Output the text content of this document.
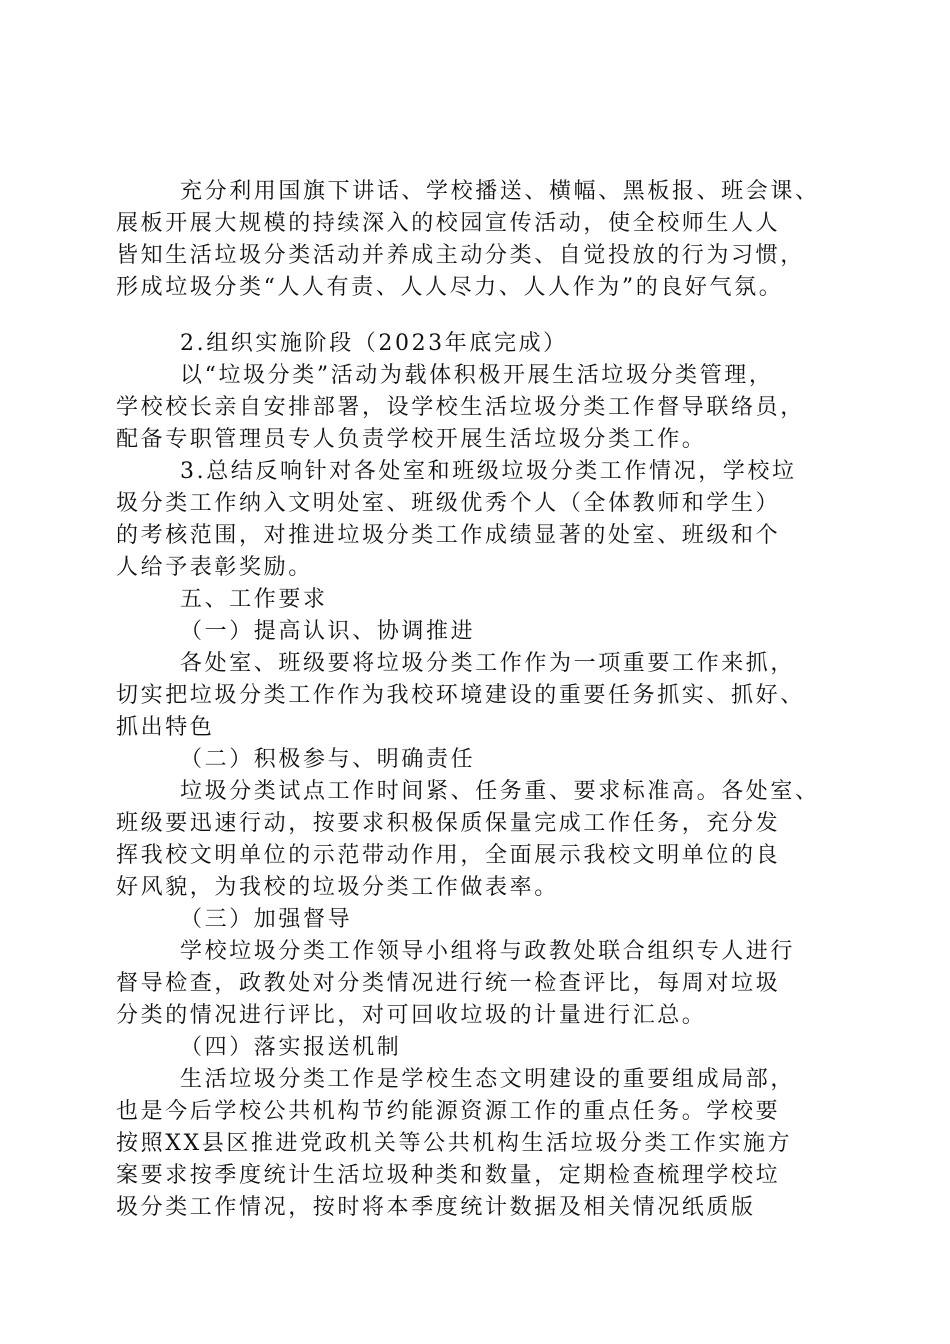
充分利用国旗下讲话、学校播送、横幅、黑板报、班会课、
展板开展大规模的持续深入的校园宣传活动，使全校师生人人
皆知生活垃圾分类活动并养成主动分类、自觉投放的行为习惯，
形成垃圾分类“人人有责、人人尽力、人人作为”的良好气氛。
2.组织实施阶段（2023年底完成）
以“垃圾分类”活动为载体积极开展生活垃圾分类管理，
学校校长亲自安排部署，设学校生活垃圾分类工作督导联络员，
配备专职管理员专人负责学校开展生活垃圾分类工作。
3.总结反响针对各处室和班级垃圾分类工作情况，学校垃
圾分类工作纳入文明处室、班级优秀个人（全体教师和学生）
的考核范围，对推进垃圾分类工作成绩显著的处室、班级和个
人给予表彰奖励。
五、工作要求
（一）提高认识、协调推进
各处室、班级要将垃圾分类工作作为一项重要工作来抓，
切实把垃圾分类工作作为我校环境建设的重要任务抓实、抓好、
抓出特色
（二）积极参与、明确责任
垃圾分类试点工作时间紧、任务重、要求标准高。各处室、
班级要迅速行动，按要求积极保质保量完成工作任务，充分发
挥我校文明单位的示范带动作用，全面展示我校文明单位的良
好风貌，为我校的垃圾分类工作做表率。
（三）加强督导
学校垃圾分类工作领导小组将与政教处联合组织专人进行
督导检查，政教处对分类情况进行统一检查评比，每周对垃圾
分类的情况进行评比，对可回收垃圾的计量进行汇总。
（四）落实报送机制
生活垃圾分类工作是学校生态文明建设的重要组成局部，
也是今后学校公共机构节约能源资源工作的重点任务。学校要
按照XX县区推进党政机关等公共机构生活垃圾分类工作实施方
案要求按季度统计生活垃圾种类和数量，定期检查梳理学校垃
圾分类工作情况，按时将本季度统计数据及相关情况纸质版
